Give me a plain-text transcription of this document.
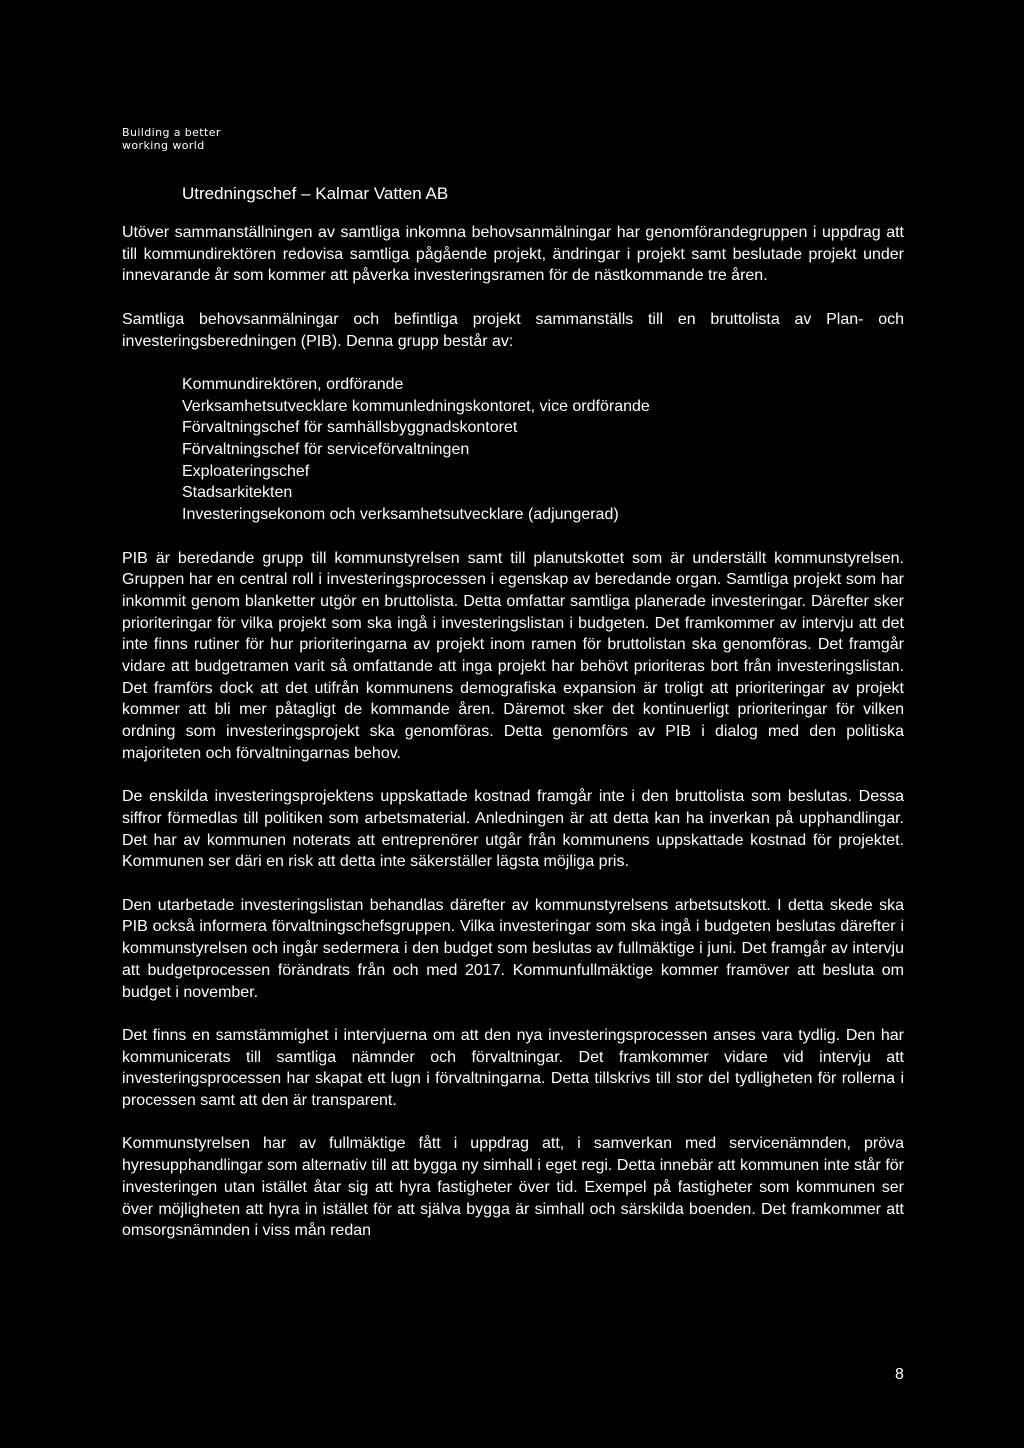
Building a better
working world
Utredningschef – Kalmar Vatten AB

Utöver sammanställningen av samtliga inkomna behovsanmälningar har genomförandegruppen i uppdrag att till kommundirektören redovisa samtliga pågående projekt, ändringar i projekt samt beslutade projekt under innevarande år som kommer att påverka investeringsramen för de nästkommande tre åren.

Samtliga behovsanmälningar och befintliga projekt sammanställs till en bruttolista av Plan- och investeringsberedningen (PIB). Denna grupp består av:

Kommundirektören, ordförande
Verksamhetsutvecklare kommunledningskontoret, vice ordförande
Förvaltningschef för samhällsbyggnadskontoret
Förvaltningschef för serviceförvaltningen
Exploateringschef
Stadsarkitekten
Investeringsekonom och verksamhetsutvecklare (adjungerad)

PIB är beredande grupp till kommunstyrelsen samt till planutskottet som är underställt kommunstyrelsen. Gruppen har en central roll i investeringsprocessen i egenskap av beredande organ. Samtliga projekt som har inkommit genom blanketter utgör en bruttolista. Detta omfattar samtliga planerade investeringar. Därefter sker prioriteringar för vilka projekt som ska ingå i investeringslistan i budgeten. Det framkommer av intervju att det inte finns rutiner för hur prioriteringarna av projekt inom ramen för bruttolistan ska genomföras. Det framgår vidare att budgetramen varit så omfattande att inga projekt har behövt prioriteras bort från investeringslistan. Det framförs dock att det utifrån kommunens demografiska expansion är troligt att prioriteringar av projekt kommer att bli mer påtagligt de kommande åren. Däremot sker det kontinuerligt prioriteringar för vilken ordning som investeringsprojekt ska genomföras. Detta genomförs av PIB i dialog med den politiska majoriteten och förvaltningarnas behov.

De enskilda investeringsprojektens uppskattade kostnad framgår inte i den bruttolista som beslutas. Dessa siffror förmedlas till politiken som arbetsmaterial. Anledningen är att detta kan ha inverkan på upphandlingar. Det har av kommunen noterats att entreprenörer utgår från kommunens uppskattade kostnad för projektet. Kommunen ser däri en risk att detta inte säkerställer lägsta möjliga pris.

Den utarbetade investeringslistan behandlas därefter av kommunstyrelsens arbetsutskott. I detta skede ska PIB också informera förvaltningschefsgruppen. Vilka investeringar som ska ingå i budgeten beslutas därefter i kommunstyrelsen och ingår sedermera i den budget som beslutas av fullmäktige i juni. Det framgår av intervju att budgetprocessen förändrats från och med 2017. Kommunfullmäktige kommer framöver att besluta om budget i november.

Det finns en samstämmighet i intervjuerna om att den nya investeringsprocessen anses vara tydlig. Den har kommunicerats till samtliga nämnder och förvaltningar. Det framkommer vidare vid intervju att investeringsprocessen har skapat ett lugn i förvaltningarna. Detta tillskrivs till stor del tydligheten för rollerna i processen samt att den är transparent.

Kommunstyrelsen har av fullmäktige fått i uppdrag att, i samverkan med servicenämnden, pröva hyresupphandlingar som alternativ till att bygga ny simhall i eget regi. Detta innebär att kommunen inte står för investeringen utan istället åtar sig att hyra fastigheter över tid. Exempel på fastigheter som kommunen ser över möjligheten att hyra in istället för att själva bygga är simhall och särskilda boenden. Det framkommer att omsorgsnämnden i viss mån redan

8
